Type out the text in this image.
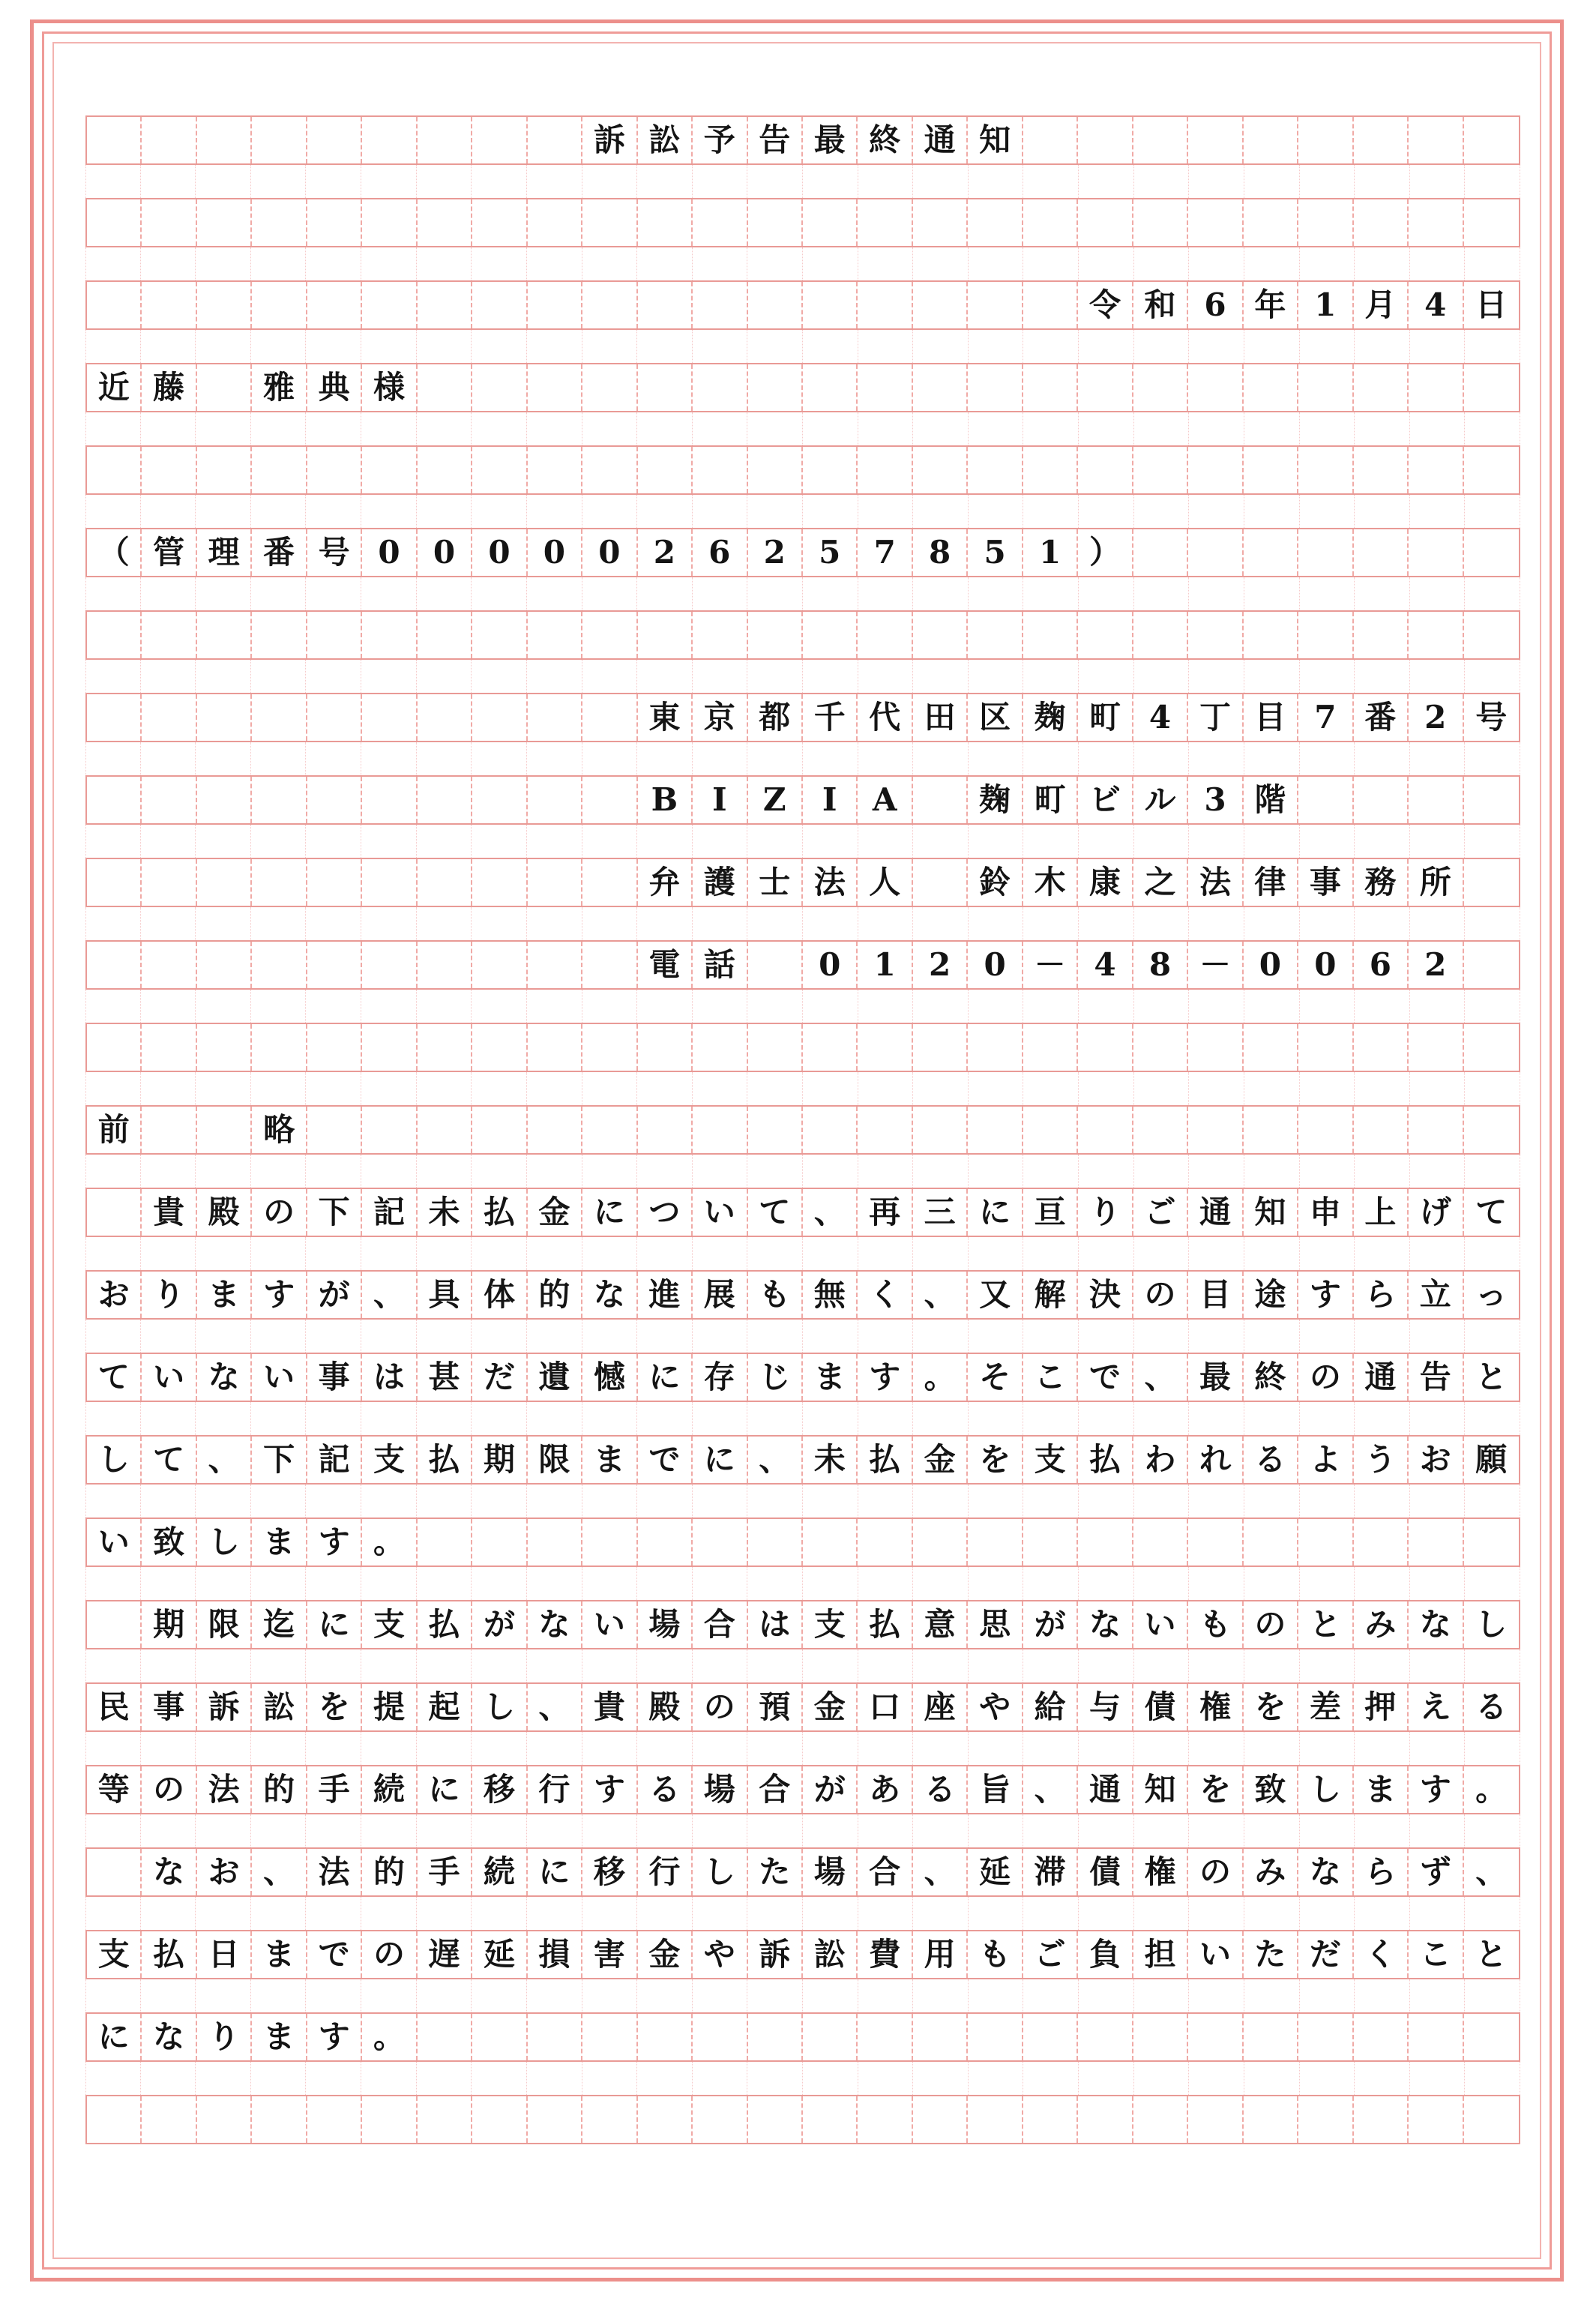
訴 訟 予 告 最 終 通 知
令 和 6 年 1 月 4 日
近 藤
　	雅 典 様
（ 管 理 番 号 0	0	0	0	0	2	6	2	5	7	8	5	1 ）
東 京 都 千 代 田 区 麹 町 4 丁 目 7 番 2 号
B	I	Z	I	A
　	麹 町 ビ ル 3 階
弁 護 士 法 人
　	鈴 木 康 之 法 律 事 務 所
電 話
　	0	1	2	0 － 4	8 － 0	0	6	2
前

　	略

貴 殿 の 下 記 未 払 金 に つ い て 、 再 三 に 亘 り ご 通 知 申 上 げ て
お り ま す が 、 具 体 的 な 進 展 も 無 く 、 又 解 決 の 目 途 す ら 立 っ
て い な い 事 は 甚 だ 遺 憾 に 存 じ ま す 。 そ こ で 、 最 終 の 通 告 と
し て 、 下 記 支 払 期 限 ま で に 、 未 払 金 を 支 払 わ れ る よ う お 願
い 致 し ま す 。

期 限 迄 に 支 払 が な い 場 合 は 支 払 意 思 が な い も の と み な し
民 事 訴 訟 を 提 起 し 、 貴 殿 の 預 金 口 座 や 給 与 債 権 を 差 押 え る
等 の 法 的 手 続 に 移 行 す る 場 合 が あ る 旨 、 通 知 を 致 し ま す 。

な お 、 法 的 手 続 に 移 行 し た 場 合 、 延 滞 債 権 の み な ら ず 、
支 払 日 ま で の 遅 延 損 害 金 や 訴 訟 費 用 も ご 負 担 い た だ く こ と
に な り ま す 。
